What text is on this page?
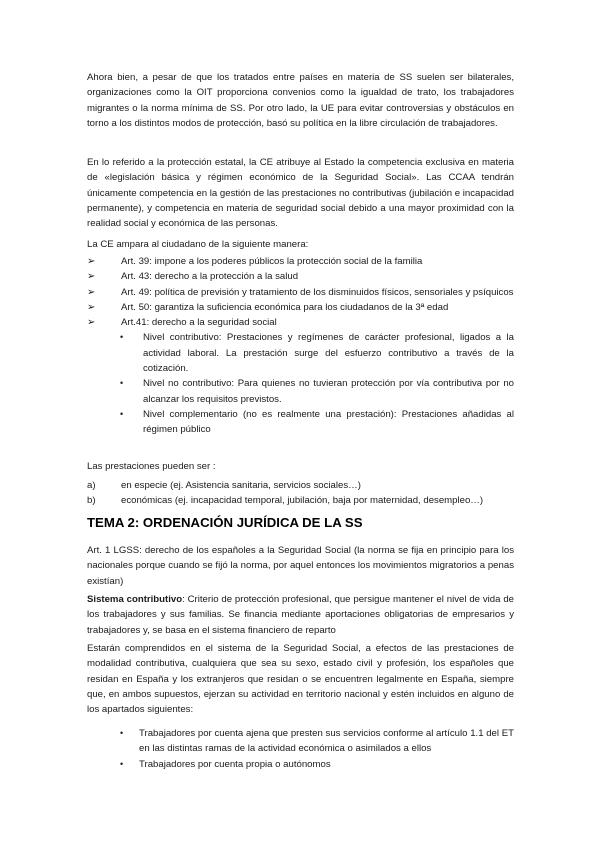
Ahora bien, a pesar de que los tratados entre países en materia de SS suelen ser bilaterales, organizaciones como la OIT proporciona convenios como la igualdad de trato, los trabajadores migrantes o la norma mínima de SS. Por otro lado, la UE para evitar controversias y obstáculos en torno a los distintos modos de protección, basó su política en la libre circulación de trabajadores.

En lo referido a la protección estatal, la CE atribuye al Estado la competencia exclusiva en materia de «legislación básica y régimen económico de la Seguridad Social». Las CCAA tendrán únicamente competencia en la gestión de las prestaciones no contributivas (jubilación e incapacidad permanente), y competencia en materia de seguridad social debido a una mayor proximidad con la realidad social y económica de las personas.

La CE ampara al ciudadano de la siguiente manera:

➢	Art. 39: impone a los poderes públicos la protección social de la familia
➢	Art. 43: derecho a la protección a la salud
➢	Art. 49: política de previsión y tratamiento de los disminuidos físicos, sensoriales y psíquicos
➢	Art. 50: garantiza la suficiencia económica para los ciudadanos de la 3ª edad
➢	Art.41: derecho a la seguridad social
• Nivel contributivo: Prestaciones y regímenes de carácter profesional, ligados a la actividad laboral. La prestación surge del esfuerzo contributivo a través de la cotización.
• Nivel no contributivo: Para quienes no tuvieran protección por vía contributiva por no alcanzar los requisitos previstos.
• Nivel complementario (no es realmente una prestación): Prestaciones añadidas al régimen público

Las prestaciones pueden ser :

a)	en especie (ej. Asistencia sanitaria, servicios sociales…)
b)	económicas (ej. incapacidad temporal, jubilación, baja por maternidad, desempleo…)
TEMA 2: ORDENACIÓN JURÍDICA DE LA SS

Art. 1 LGSS: derecho de los españoles a la Seguridad Social (la norma se fija en principio para los nacionales porque cuando se fijó la norma, por aquel entonces los movimientos migratorios a penas existían)

Sistema contributivo: Criterio de protección profesional, que persigue mantener el nivel de vida de los trabajadores y sus familias. Se financia mediante aportaciones obligatorias de empresarios y trabajadores y, se basa en el sistema financiero de reparto

Estarán comprendidos en el sistema de la Seguridad Social, a efectos de las prestaciones de modalidad contributiva, cualquiera que sea su sexo, estado civil y profesión, los españoles que residan en España y los extranjeros que residan o se encuentren legalmente en España, siempre que, en ambos supuestos, ejerzan su actividad en territorio nacional y estén incluidos en alguno de los apartados siguientes:

• Trabajadores por cuenta ajena que presten sus servicios conforme al artículo 1.1 del ET en las distintas ramas de la actividad económica o asimilados a ellos
• Trabajadores por cuenta propia o autónomos
